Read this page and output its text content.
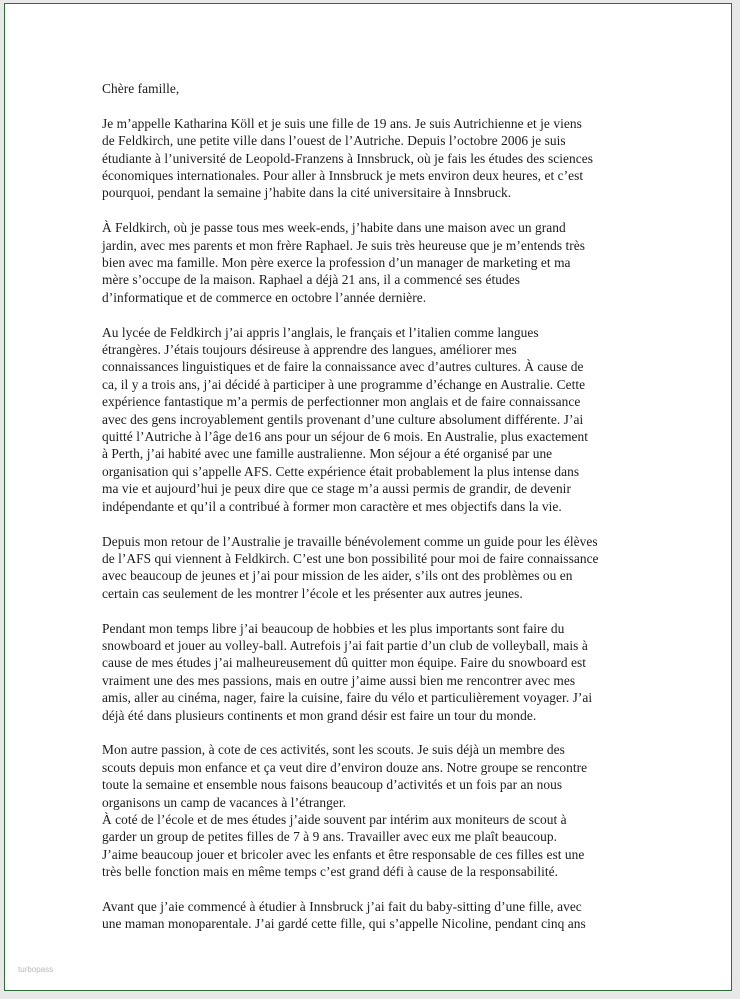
Chère famille,

Je m’appelle Katharina Köll et je suis une fille de 19 ans. Je suis Autrichienne et je viens
de Feldkirch, une petite ville dans l’ouest de l’Autriche. Depuis l’octobre 2006 je suis
étudiante à l’université de Leopold-Franzens à Innsbruck, où je fais les études des sciences
économiques internationales. Pour aller à Innsbruck je mets environ deux heures, et c’est
pourquoi, pendant la semaine j’habite dans la cité universitaire à Innsbruck.

À Feldkirch, où je passe tous mes week-ends, j’habite dans une maison avec un grand
jardin, avec mes parents et mon frère Raphael. Je suis très heureuse que je m’entends très
bien avec ma famille. Mon père exerce la profession d’un manager de marketing et ma
mère s’occupe de la maison. Raphael a déjà 21 ans, il a commencé ses études
d’informatique et de commerce en octobre l’année dernière.

Au lycée de Feldkirch j’ai appris l’anglais, le français et l’italien comme langues
étrangères. J’étais toujours désireuse à apprendre des langues, améliorer mes
connaissances linguistiques et de faire la connaissance avec d’autres cultures. À cause de
ca, il y a trois ans, j’ai décidé à participer à une programme d’échange en Australie. Cette
expérience fantastique m’a permis de perfectionner mon anglais et de faire connaissance
avec des gens incroyablement gentils provenant d’une culture absolument différente. J’ai
quitté l’Autriche à l’âge de16 ans pour un séjour de 6 mois. En Australie, plus exactement
à Perth, j’ai habité avec une famille australienne. Mon séjour a été organisé par une
organisation qui s’appelle AFS. Cette expérience était probablement la plus intense dans
ma vie et aujourd’hui je peux dire que ce stage m’a aussi permis de grandir, de devenir
indépendante et qu’il a contribué à former mon caractère et mes objectifs dans la vie.

Depuis mon retour de l’Australie je travaille bénévolement comme un guide pour les élèves
de l’AFS qui viennent à Feldkirch. C’est une bon possibilité pour moi de faire connaissance
avec beaucoup de jeunes et j’ai pour mission de les aider, s’ils ont des problèmes ou en
certain cas seulement de les montrer l’école et les présenter aux autres jeunes.

Pendant mon temps libre j’ai beaucoup de hobbies et les plus importants sont faire du
snowboard et jouer au volley-ball. Autrefois j’ai fait partie d’un club de volleyball, mais à
cause de mes études j’ai malheureusement dû quitter mon équipe. Faire du snowboard est
vraiment une des mes passions, mais en outre j’aime aussi bien me rencontrer avec mes
amis, aller au cinéma, nager, faire la cuisine, faire du vélo et particulièrement voyager. J’ai
déjà été dans plusieurs continents et mon grand désir est faire un tour du monde.

Mon autre passion, à cote de ces activités, sont les scouts. Je suis déjà un membre des
scouts depuis mon enfance et ça veut dire d’environ douze ans. Notre groupe se rencontre
toute la semaine et ensemble nous faisons beaucoup d’activités et un fois par an nous
organisons un camp de vacances à l’étranger.
À coté de l’école et de mes études j’aide souvent par intérim aux moniteurs de scout à
garder un group de petites filles de 7 à 9 ans. Travailler avec eux me plaît beaucoup.
J’aime beaucoup jouer et bricoler avec les enfants et être responsable de ces filles est une
très belle fonction mais en même temps c’est grand défi à cause de la responsabilité.

Avant que j’aie commencé à étudier à Innsbruck j’ai fait du baby-sitting d’une fille, avec
une maman monoparentale. J’ai gardé cette fille, qui s’appelle Nicoline, pendant cinq ans

turbopass
